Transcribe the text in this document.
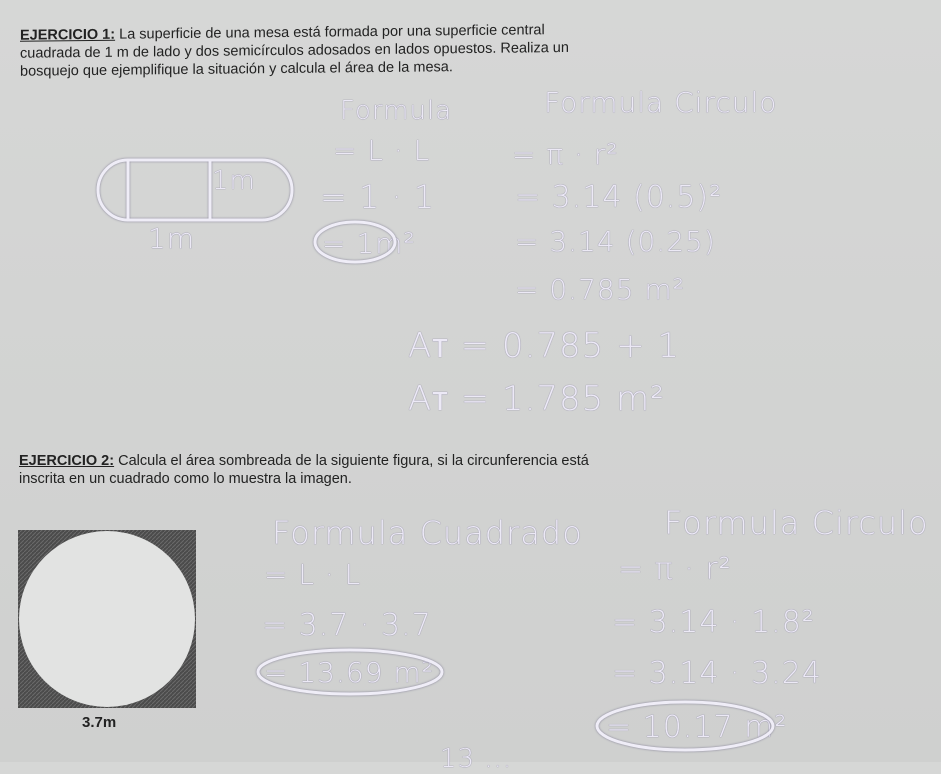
EJERCICIO 1: La superficie de una mesa está formada por una superficie central
cuadrada de 1 m de lado y dos semicírculos adosados en lados opuestos. Realiza un
bosquejo que ejemplifique la situación y calcula el área de la mesa.
1m
1m
Formula
= L · L
= 1 · 1
= 1m²
Formula Circulo
= π · r²
= 3.14 (0.5)²
= 3.14 (0.25)
= 0.785 m²
Aᴛ = 0.785 + 1
Aᴛ = 1.785 m²
EJERCICIO 2: Calcula el área sombreada de la siguiente figura, si la circunferencia está
inscrita en un cuadrado como lo muestra la imagen.
3.7m
Formula Cuadrado
= L · L
= 3.7 · 3.7
= 13.69 m²
Formula Circulo
= π · r²
= 3.14 · 1.8²
= 3.14 · 3.24
= 10.17 m²
13 ...
